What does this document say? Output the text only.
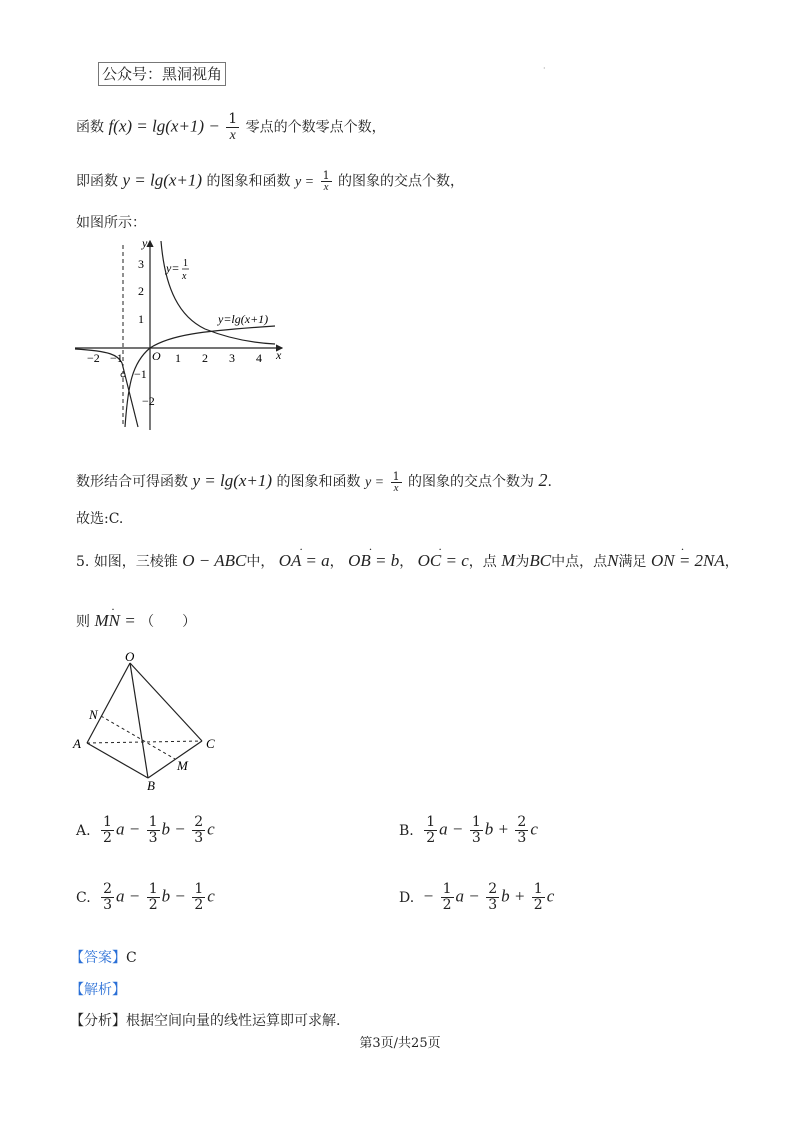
公众号：黑洞视角	·
函数 $f(x) = \lg(x+1) - \frac{1}{x}$ 零点的个数零点个数，
即函数 y = lg(x+1) 的图象和函数 $y = \frac{1}{x}$ 的图象的交点个数，
如图所示：
−2 −1	1 2 3 4
3
2
1
−1
−2
O	x
y
y= 1
x
y=lg(x+1)
数形结合可得函数 y = lg(x+1) 的图象和函数 $y = \frac{1}{x}$ 的图象的交点个数为 2.
故选:C.
5. 如图，三棱锥 O − ABC中， · OA = a， · OB = b， · OC = c，点 M为BC中点，点N满足 · ON = 2NA，
则 · MN = （　　）
O
N
A	C
M
B
A. $\frac{1}{2}$ $a - \frac{1}{3}$ $b - \frac{2}{3}$ c	B. $\frac{1}{2}$ $a - \frac{1}{3}$ $b + \frac{2}{3}$ c
C. $\frac{2}{3}$ $a - \frac{1}{2}$ $b - \frac{1}{2}$ c	D. − $\frac{1}{2}$ $a - \frac{2}{3}$ $b + \frac{1}{2}$ c
【答案】C
【解析】
【分析】根据空间向量的线性运算即可求解.
第3页/共25页
